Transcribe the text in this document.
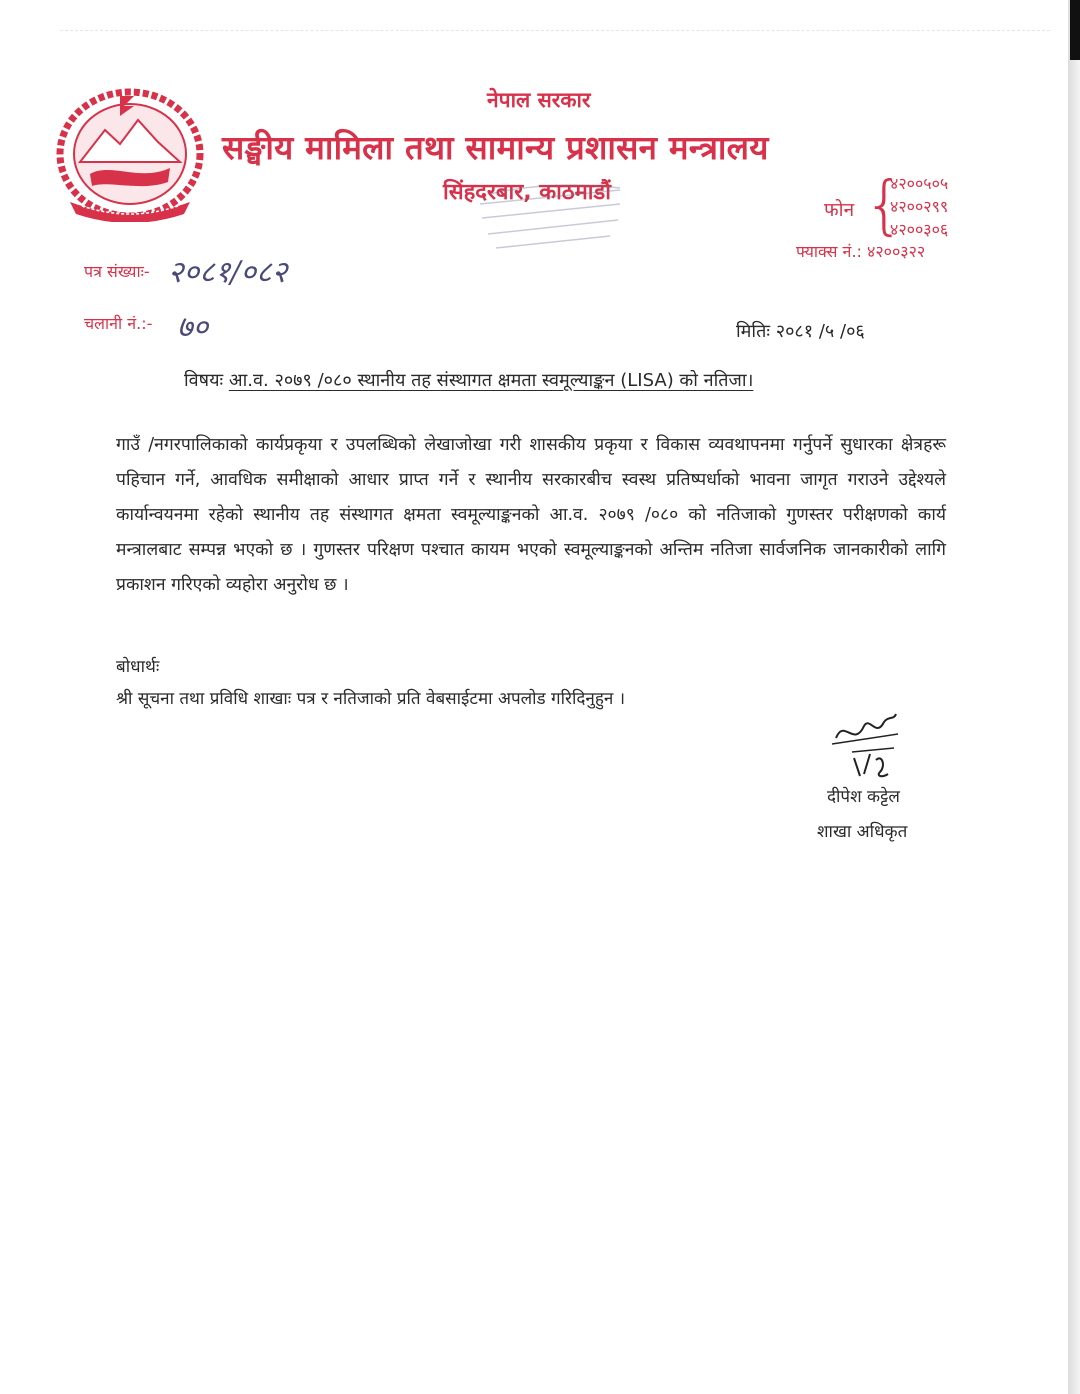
नेपाल सरकार
सङ्घीय मामिला तथा सामान्य प्रशासन मन्त्रालय
सिंहदरबार, काठमाडौं
फोन {
४२००५०५
४२००२९९
४२००३०६
फ्याक्स नं.: ४२००३२२
पत्र संख्याः- २०८१/०८२
चलानी नं.:- ७०	मितिः २०८१ /५ /०६
विषयः आ.व. २०७९ /०८० स्थानीय तह संस्थागत क्षमता स्वमूल्याङ्कन (LISA) को नतिजा।
गाउँ /नगरपालिकाको कार्यप्रकृया र उपलब्धिको लेखाजोखा गरी शासकीय प्रकृया र विकास व्यवथापनमा गर्नुपर्ने सुधारका क्षेत्रहरू पहिचान गर्ने, आवधिक समीक्षाको आधार प्राप्त गर्ने र स्थानीय सरकारबीच स्वस्थ प्रतिष्पर्धाको भावना जागृत गराउने उद्देश्यले कार्यान्वयनमा रहेको स्थानीय तह संस्थागत क्षमता स्वमूल्याङ्कनको आ.व. २०७९ /०८० को नतिजाको गुणस्तर परीक्षणको कार्य मन्त्रालबाट सम्पन्न भएको छ । गुणस्तर परिक्षण पश्चात कायम भएको स्वमूल्याङ्कनको अन्तिम नतिजा सार्वजनिक जानकारीको लागि प्रकाशन गरिएको व्यहोरा अनुरोध छ ।
बोधार्थः
श्री सूचना तथा प्रविधि शाखाः पत्र र नतिजाको प्रति वेबसाईटमा अपलोड गरिदिनुहुन ।
दीपेश कट्टेल
शाखा अधिकृत
